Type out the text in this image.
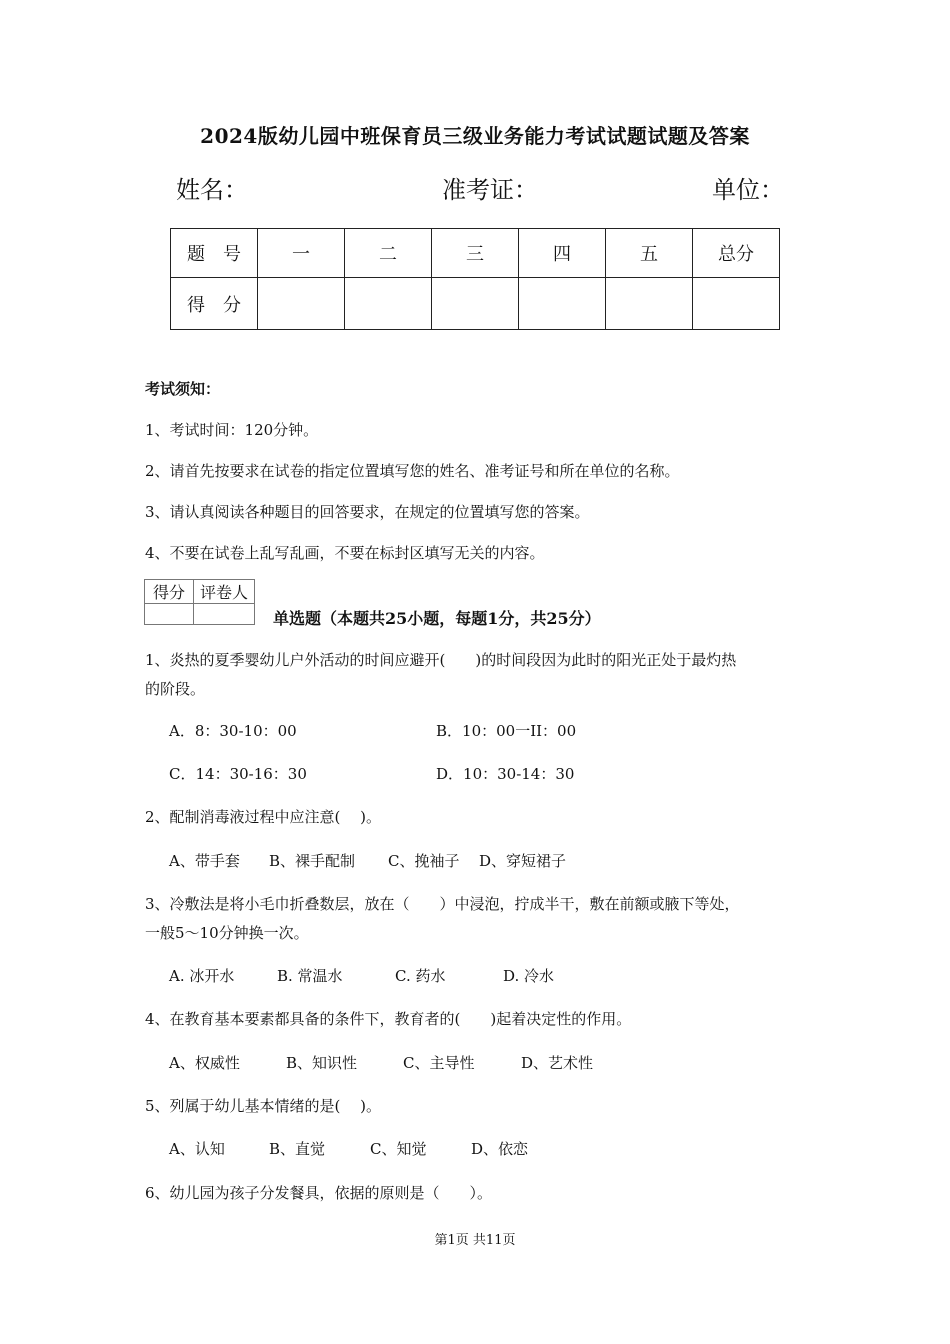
2024版幼儿园中班保育员三级业务能力考试试题试题及答案
姓名：	准考证：	单位：
题　号	一	二	三	四	五	总分
得　分						
考试须知：
1、考试时间：120分钟。
2、请首先按要求在试卷的指定位置填写您的姓名、准考证号和所在单位的名称。
3、请认真阅读各种题目的回答要求，在规定的位置填写您的答案。
4、不要在试卷上乱写乱画，不要在标封区填写无关的内容。
得分	评卷人

单选题（本题共25小题，每题1分，共25分）
1、炎热的夏季婴幼儿户外活动的时间应避开(　　)的时间段因为此时的阳光正处于最灼热
的阶段。
A．8：30-10：00	B．10：00一II：00
C．14：30-16：30	D．10：30-14：30
2、配制消毒液过程中应注意(　 )。
A、带手套 B、裸手配制 C、挽袖子 D、穿短裙子
3、冷敷法是将小毛巾折叠数层，放在（　　）中浸泡，拧成半干，敷在前额或腋下等处，
一般5～10分钟换一次。
A. 冰开水	B. 常温水	C. 药水	D. 冷水
4、在教育基本要素都具备的条件下，教育者的(　　)起着决定性的作用。
A、权威性	B、知识性	C、主导性	D、艺术性
5、列属于幼儿基本情绪的是(　 )。
A、认知	B、直觉	C、知觉	D、依恋
6、幼儿园为孩子分发餐具，依据的原则是（　　）。
第1页 共11页
